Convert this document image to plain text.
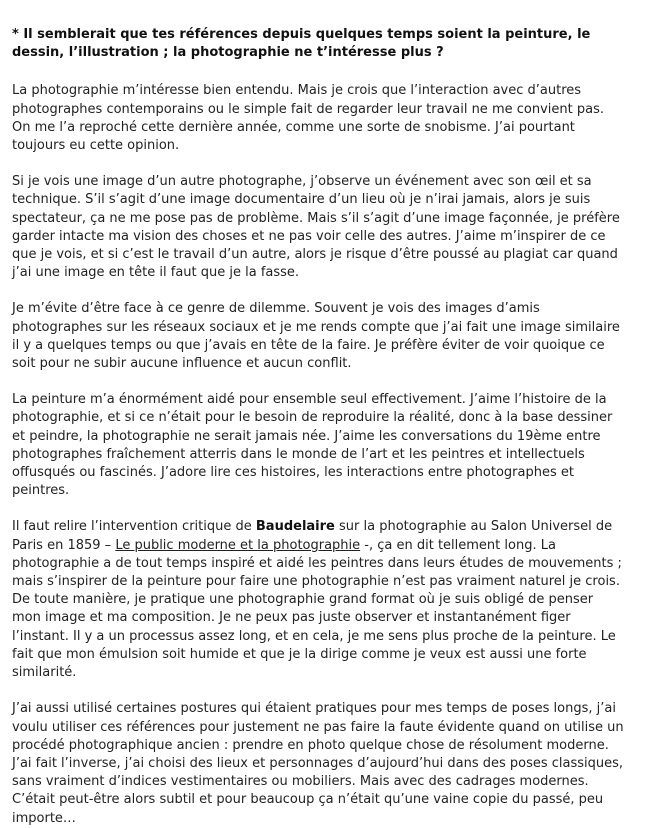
* Il semblerait que tes références depuis quelques temps soient la peinture, le dessin, l’illustration ; la photographie ne t’intéresse plus ?

La photographie m’intéresse bien entendu. Mais je crois que l’interaction avec d’autres photographes contemporains ou le simple fait de regarder leur travail ne me convient pas. On me l’a reproché cette dernière année, comme une sorte de snobisme. J’ai pourtant toujours eu cette opinion.

Si je vois une image d’un autre photographe, j’observe un événement avec son œil et sa technique. S’il s’agit d’une image documentaire d’un lieu où je n’irai jamais, alors je suis spectateur, ça ne me pose pas de problème. Mais s’il s’agit d’une image façonnée, je préfère garder intacte ma vision des choses et ne pas voir celle des autres. J’aime m’inspirer de ce que je vois, et si c’est le travail d’un autre, alors je risque d’être poussé au plagiat car quand j’ai une image en tête il faut que je la fasse.

Je m’évite d’être face à ce genre de dilemme. Souvent je vois des images d’amis photographes sur les réseaux sociaux et je me rends compte que j’ai fait une image similaire il y a quelques temps ou que j’avais en tête de la faire. Je préfère éviter de voir quoique ce soit pour ne subir aucune influence et aucun conflit.

La peinture m’a énormément aidé pour ensemble seul effectivement. J’aime l’histoire de la photographie, et si ce n’était pour le besoin de reproduire la réalité, donc à la base dessiner et peindre, la photographie ne serait jamais née. J’aime les conversations du 19ème entre photographes fraîchement atterris dans le monde de l’art et les peintres et intellectuels offusqués ou fascinés. J’adore lire ces histoires, les interactions entre photographes et peintres.

Il faut relire l’intervention critique de Baudelaire sur la photographie au Salon Universel de Paris en 1859 – Le public moderne et la photographie -, ça en dit tellement long. La photographie a de tout temps inspiré et aidé les peintres dans leurs études de mouvements ; mais s’inspirer de la peinture pour faire une photographie n’est pas vraiment naturel je crois. De toute manière, je pratique une photographie grand format où je suis obligé de penser mon image et ma composition. Je ne peux pas juste observer et instantanément figer l’instant. Il y a un processus assez long, et en cela, je me sens plus proche de la peinture. Le fait que mon émulsion soit humide et que je la dirige comme je veux est aussi une forte similarité.

J’ai aussi utilisé certaines postures qui étaient pratiques pour mes temps de poses longs, j’ai voulu utiliser ces références pour justement ne pas faire la faute évidente quand on utilise un procédé photographique ancien : prendre en photo quelque chose de résolument moderne. J’ai fait l’inverse, j’ai choisi des lieux et personnages d’aujourd’hui dans des poses classiques, sans vraiment d’indices vestimentaires ou mobiliers. Mais avec des cadrages modernes. C’était peut-être alors subtil et pour beaucoup ça n’était qu’une vaine copie du passé, peu importe…
